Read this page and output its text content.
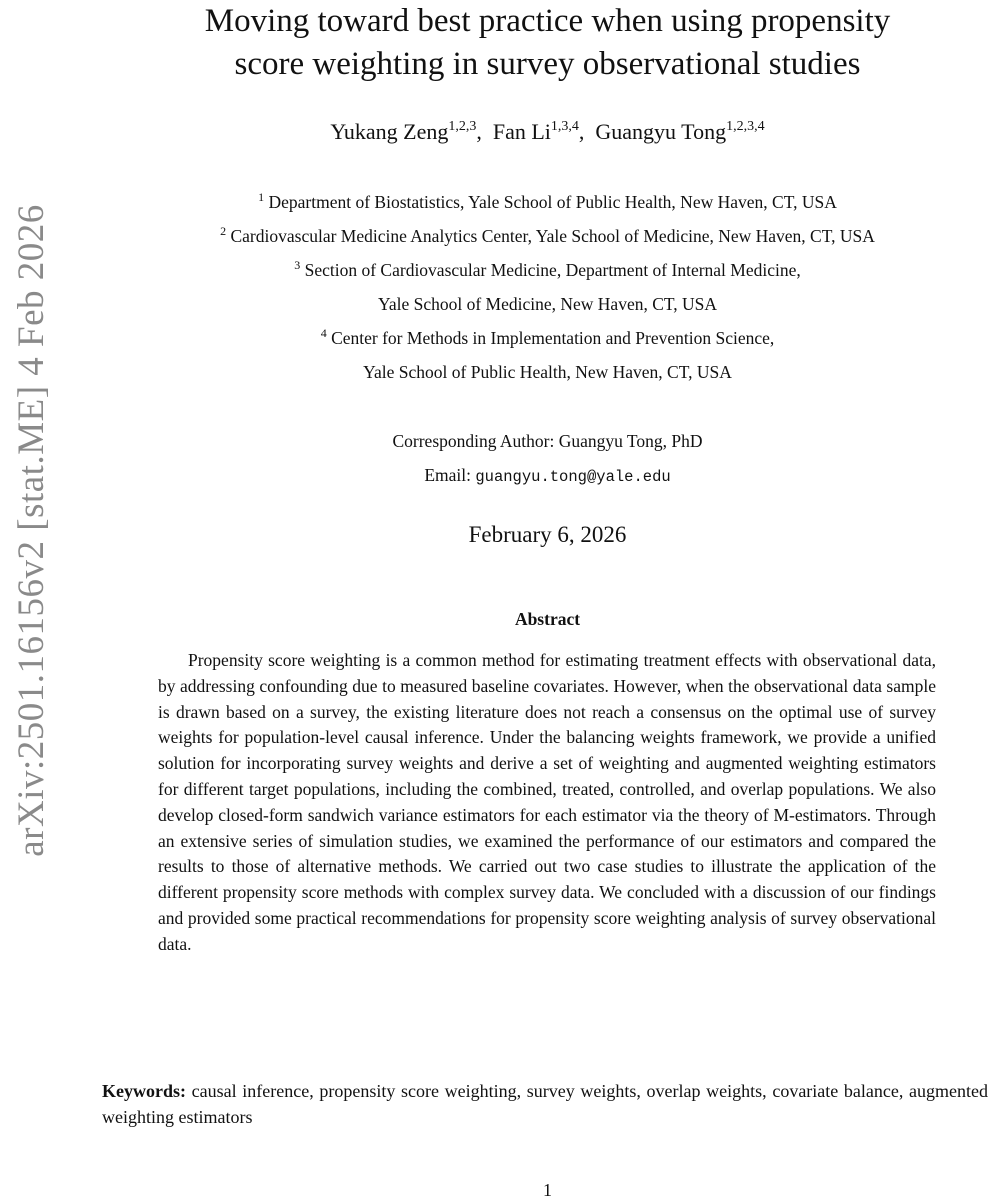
arXiv:2501.16156v2 [stat.ME] 4 Feb 2026
Moving toward best practice when using propensity
score weighting in survey observational studies
Yukang Zeng$^{1,2,3}$,  Fan Li$^{1,3,4}$,  Guangyu Tong$^{1,2,3,4}$
$^1$ Department of Biostatistics, Yale School of Public Health, New Haven, CT, USA
$^2$ Cardiovascular Medicine Analytics Center, Yale School of Medicine, New Haven, CT, USA
$^3$ Section of Cardiovascular Medicine, Department of Internal Medicine,
Yale School of Medicine, New Haven, CT, USA
$^4$ Center for Methods in Implementation and Prevention Science,
Yale School of Public Health, New Haven, CT, USA
Corresponding Author: Guangyu Tong, PhD
Email: guangyu.tong@yale.edu
February 6, 2026
Abstract

Propensity score weighting is a common method for estimating treatment effects with observational data, by addressing confounding due to measured baseline covariates. However, when the observational data sample is drawn based on a survey, the existing literature does not reach a consensus on the optimal use of survey weights for population-level causal inference. Under the balancing weights framework, we provide a unified solution for incorporating survey weights and derive a set of weighting and augmented weighting estimators for different target populations, including the combined, treated, controlled, and overlap populations. We also develop closed-form sandwich variance estimators for each estimator via the theory of M-estimators. Through an extensive series of simulation studies, we examined the performance of our estimators and compared the results to those of alternative methods. We carried out two case studies to illustrate the application of the different propensity score methods with complex survey data. We concluded with a discussion of our findings and provided some practical recommendations for propensity score weighting analysis of survey observational data.

Keywords: causal inference, propensity score weighting, survey weights, overlap weights, covariate balance, augmented weighting estimators

1
